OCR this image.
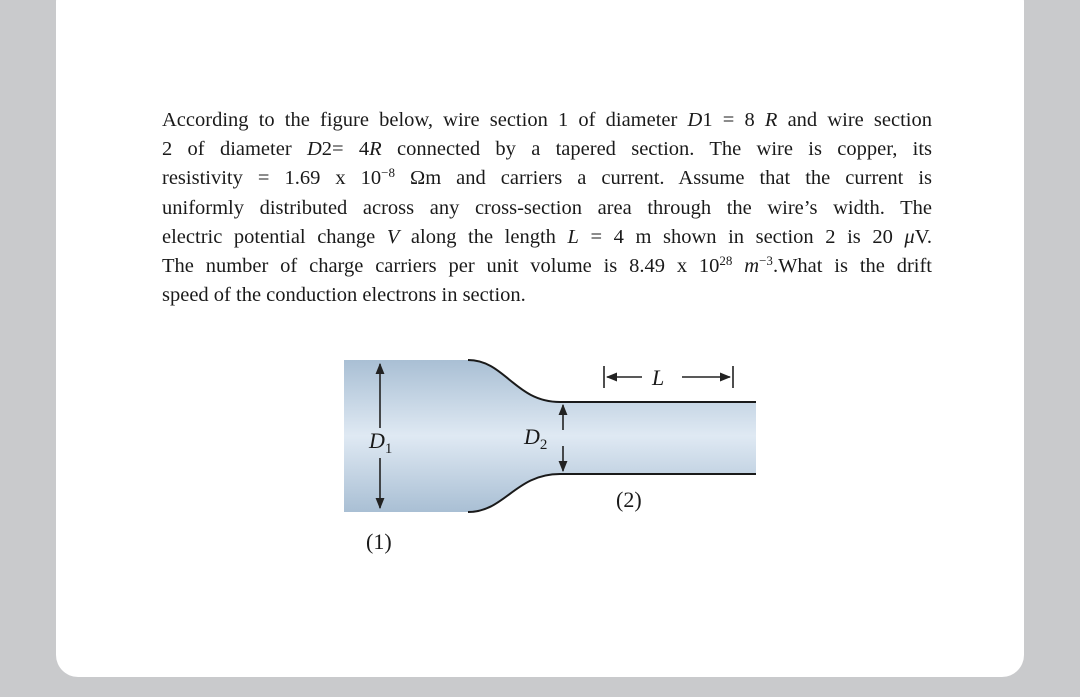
According to the figure below, wire section 1 of diameter D1 = 8 R and wire section
2 of diameter D2= 4R connected by a tapered section. The wire is copper, its
resistivity = 1.69 x $10^{-8}$ Ωm and carriers a current. Assume that the current is
uniformly distributed across any cross-section area through the wire’s width. The
electric potential change V along the length L = 4 m shown in section 2 is 20 μV.
The number of charge carriers per unit volume is 8.49 x $10^{28}$ $m^{-3}.What$ is the drift
speed of the conduction electrons in section.
$D_1$	$D_2$
L
(1)
(2)
